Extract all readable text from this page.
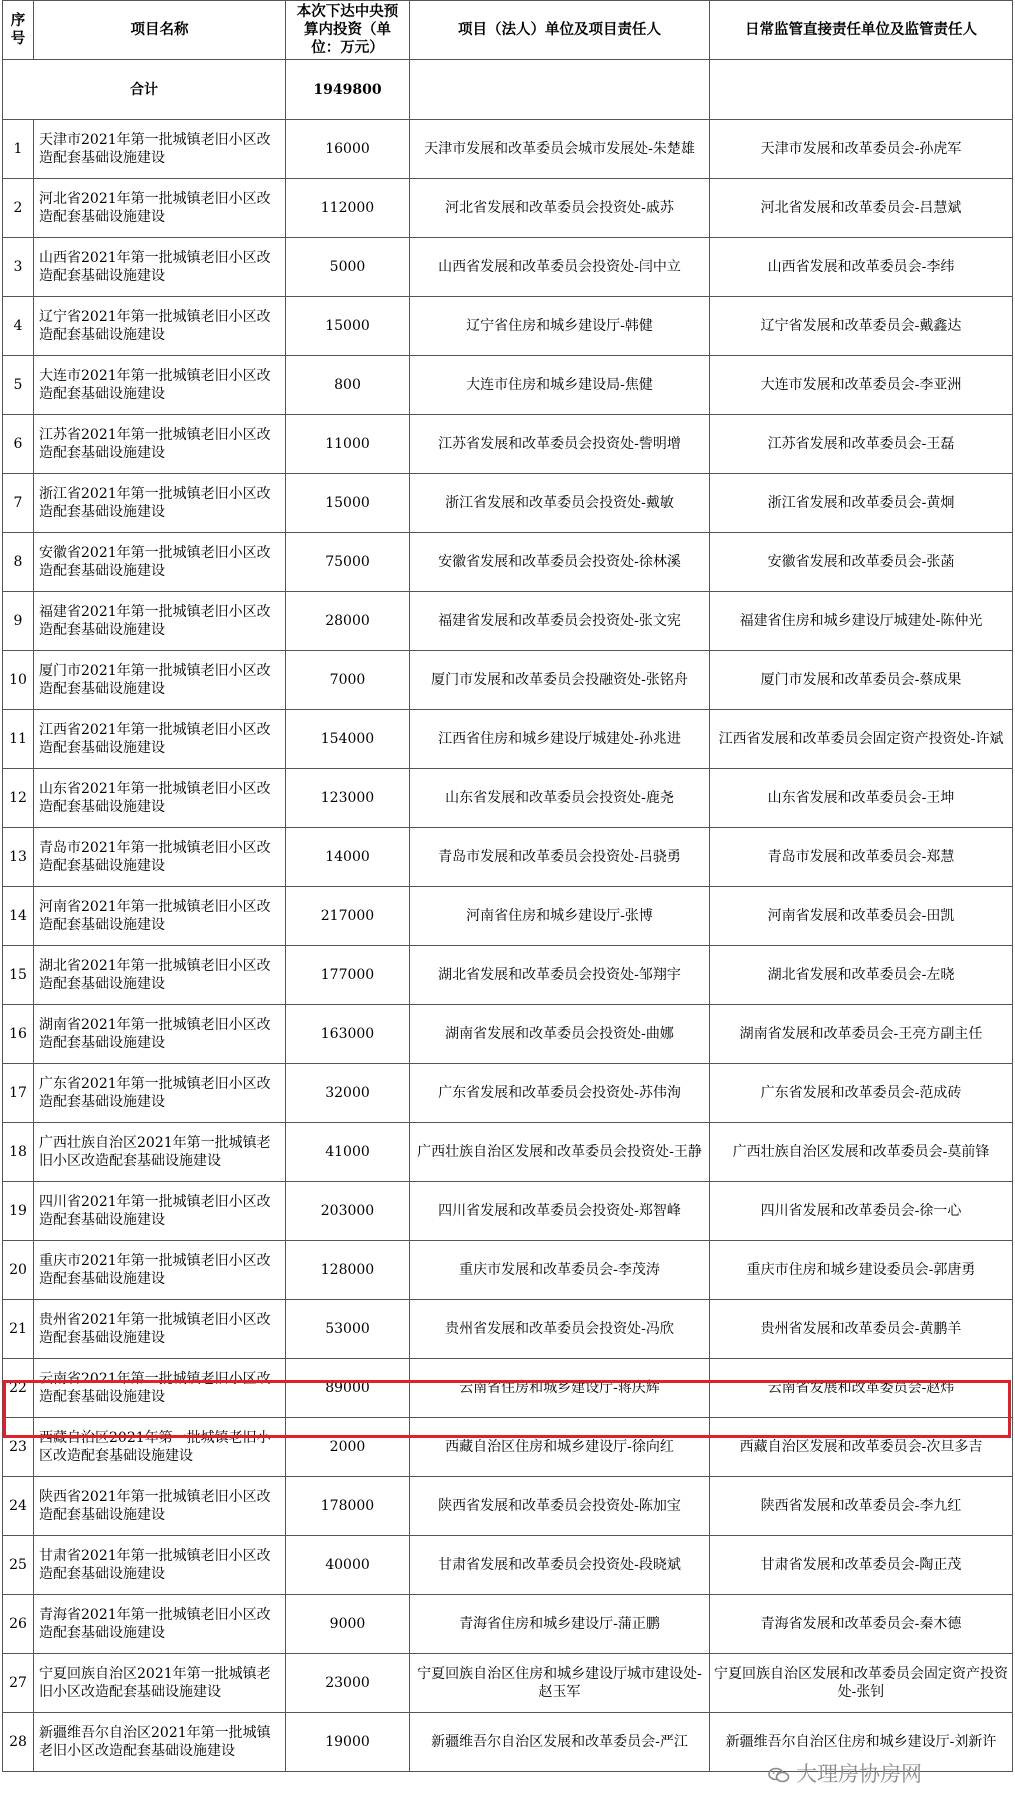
序号	项目名称	本次下达中央预算内投资（单位：万元）	项目（法人）单位及项目责任人	日常监管直接责任单位及监管责任人
合计		1949800		
1	天津市2021年第一批城镇老旧小区改造配套基础设施建设	16000	天津市发展和改革委员会城市发展处-朱楚雄	天津市发展和改革委员会-孙虎军
2	河北省2021年第一批城镇老旧小区改造配套基础设施建设	112000	河北省发展和改革委员会投资处-戚苏	河北省发展和改革委员会-吕慧斌
3	山西省2021年第一批城镇老旧小区改造配套基础设施建设	5000	山西省发展和改革委员会投资处-闫中立	山西省发展和改革委员会-李纬
4	辽宁省2021年第一批城镇老旧小区改造配套基础设施建设	15000	辽宁省住房和城乡建设厅-韩健	辽宁省发展和改革委员会-戴鑫达
5	大连市2021年第一批城镇老旧小区改造配套基础设施建设	800	大连市住房和城乡建设局-焦健	大连市发展和改革委员会-李亚洲
6	江苏省2021年第一批城镇老旧小区改造配套基础设施建设	11000	江苏省发展和改革委员会投资处-訾明增	江苏省发展和改革委员会-王磊
7	浙江省2021年第一批城镇老旧小区改造配套基础设施建设	15000	浙江省发展和改革委员会投资处-戴敏	浙江省发展和改革委员会-黄炯
8	安徽省2021年第一批城镇老旧小区改造配套基础设施建设	75000	安徽省发展和改革委员会投资处-徐林溪	安徽省发展和改革委员会-张菡
9	福建省2021年第一批城镇老旧小区改造配套基础设施建设	28000	福建省发展和改革委员会投资处-张文宪	福建省住房和城乡建设厅城建处-陈仲光
10	厦门市2021年第一批城镇老旧小区改造配套基础设施建设	7000	厦门市发展和改革委员会投融资处-张铭舟	厦门市发展和改革委员会-蔡成果
11	江西省2021年第一批城镇老旧小区改造配套基础设施建设	154000	江西省住房和城乡建设厅城建处-孙兆进	江西省发展和改革委员会固定资产投资处-许斌
12	山东省2021年第一批城镇老旧小区改造配套基础设施建设	123000	山东省发展和改革委员会投资处-鹿尧	山东省发展和改革委员会-王坤
13	青岛市2021年第一批城镇老旧小区改造配套基础设施建设	14000	青岛市发展和改革委员会投资处-吕骁勇	青岛市发展和改革委员会-郑慧
14	河南省2021年第一批城镇老旧小区改造配套基础设施建设	217000	河南省住房和城乡建设厅-张博	河南省发展和改革委员会-田凯
15	湖北省2021年第一批城镇老旧小区改造配套基础设施建设	177000	湖北省发展和改革委员会投资处-邹翔宇	湖北省发展和改革委员会-左晓
16	湖南省2021年第一批城镇老旧小区改造配套基础设施建设	163000	湖南省发展和改革委员会投资处-曲娜	湖南省发展和改革委员会-王亮方副主任
17	广东省2021年第一批城镇老旧小区改造配套基础设施建设	32000	广东省发展和改革委员会投资处-苏伟洵	广东省发展和改革委员会-范成砖
18	广西壮族自治区2021年第一批城镇老旧小区改造配套基础设施建设	41000	广西壮族自治区发展和改革委员会投资处-王静	广西壮族自治区发展和改革委员会-莫前锋
19	四川省2021年第一批城镇老旧小区改造配套基础设施建设	203000	四川省发展和改革委员会投资处-郑智峰	四川省发展和改革委员会-徐一心
20	重庆市2021年第一批城镇老旧小区改造配套基础设施建设	128000	重庆市发展和改革委员会-李茂涛	重庆市住房和城乡建设委员会-郭唐勇
21	贵州省2021年第一批城镇老旧小区改造配套基础设施建设	53000	贵州省发展和改革委员会投资处-冯欣	贵州省发展和改革委员会-黄鹏羊
22	云南省2021年第一批城镇老旧小区改造配套基础设施建设	89000	云南省住房和城乡建设厅-蒋庆辉	云南省发展和改革委员会-赵炜
23	西藏自治区2021年第一批城镇老旧小区改造配套基础设施建设	2000	西藏自治区住房和城乡建设厅-徐向红	西藏自治区发展和改革委员会-次旦多吉
24	陕西省2021年第一批城镇老旧小区改造配套基础设施建设	178000	陕西省发展和改革委员会投资处-陈加宝	陕西省发展和改革委员会-李九红
25	甘肃省2021年第一批城镇老旧小区改造配套基础设施建设	40000	甘肃省发展和改革委员会投资处-段晓斌	甘肃省发展和改革委员会-陶正茂
26	青海省2021年第一批城镇老旧小区改造配套基础设施建设	9000	青海省住房和城乡建设厅-蒲正鹏	青海省发展和改革委员会-秦木德
27	宁夏回族自治区2021年第一批城镇老旧小区改造配套基础设施建设	23000	宁夏回族自治区住房和城乡建设厅城市建设处-赵玉军	宁夏回族自治区发展和改革委员会固定资产投资处-张钊
28	新疆维吾尔自治区2021年第一批城镇老旧小区改造配套基础设施建设	19000	新疆维吾尔自治区发展和改革委员会-严江	新疆维吾尔自治区住房和城乡建设厅-刘新许
大理房协房网
